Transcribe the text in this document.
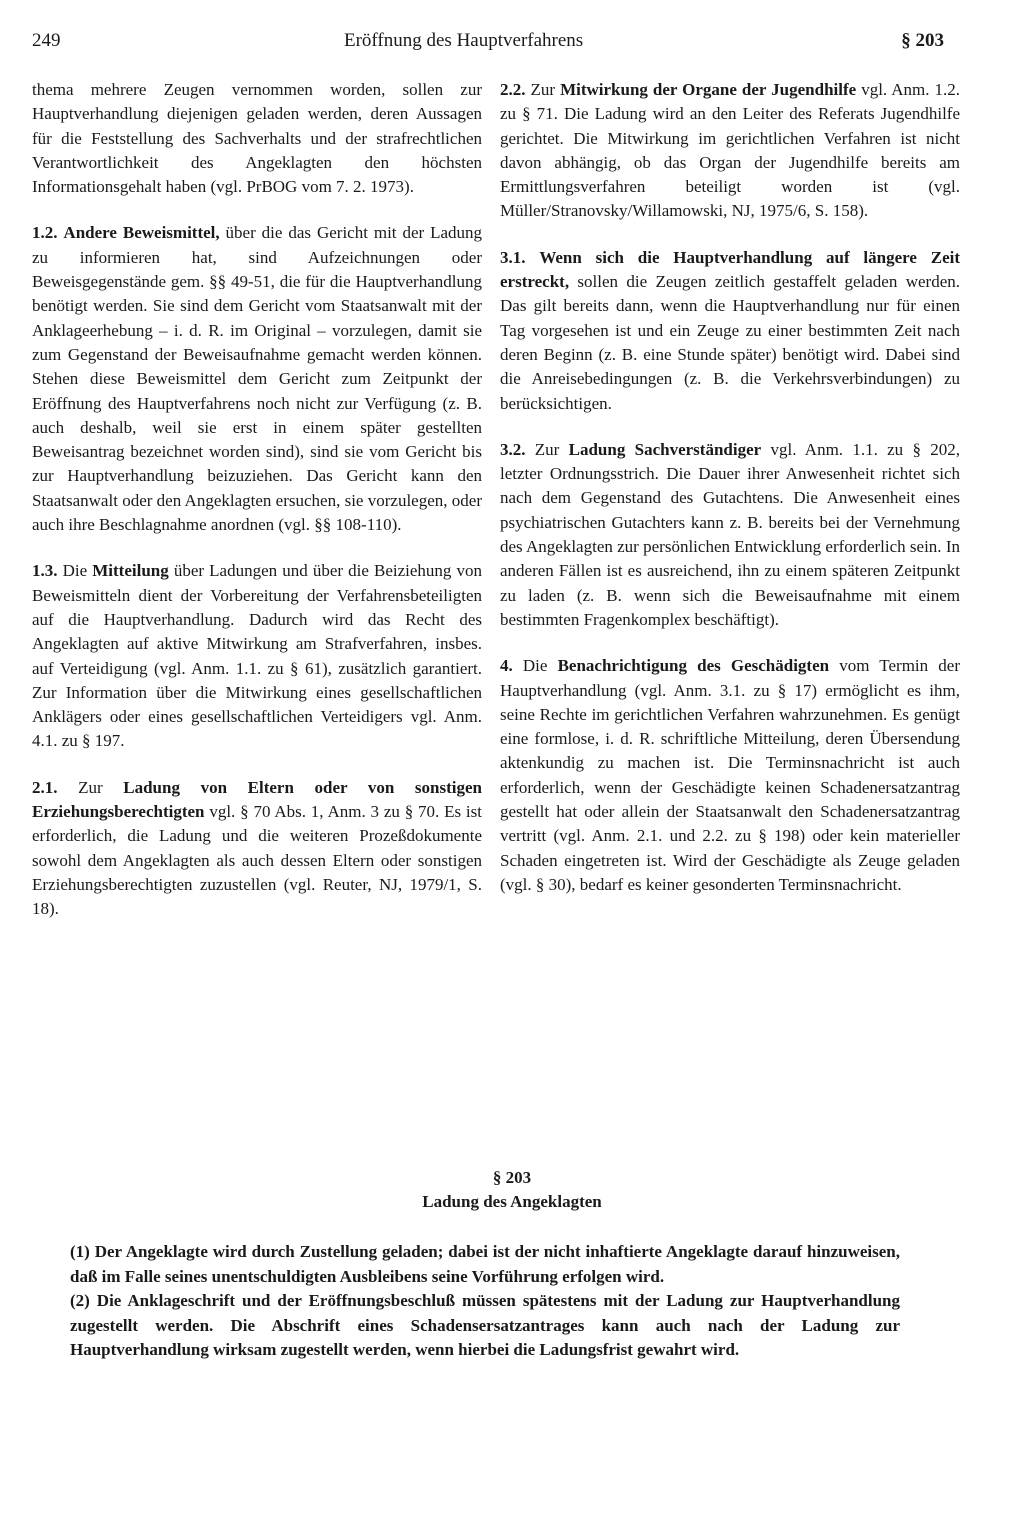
249	Eröffnung des Hauptverfahrens	§ 203

thema mehrere Zeugen vernommen worden, sollen zur Hauptverhandlung diejenigen geladen werden, deren Aussagen für die Feststellung des Sachverhalts und der strafrechtlichen Verantwortlichkeit des Angeklagten den höchsten Informationsgehalt haben (vgl. PrBOG vom 7. 2. 1973).

1.2. Andere Beweismittel, über die das Gericht mit der Ladung zu informieren hat, sind Aufzeichnungen oder Beweisgegenstände gem. §§ 49-51, die für die Hauptverhandlung benötigt werden. Sie sind dem Gericht vom Staatsanwalt mit der Anklageerhebung – i. d. R. im Original – vorzulegen, damit sie zum Gegenstand der Beweisaufnahme gemacht werden können. Stehen diese Beweismittel dem Gericht zum Zeitpunkt der Eröffnung des Hauptverfahrens noch nicht zur Verfügung (z. B. auch deshalb, weil sie erst in einem später gestellten Beweisantrag bezeichnet worden sind), sind sie vom Gericht bis zur Hauptverhandlung beizuziehen. Das Gericht kann den Staatsanwalt oder den Angeklagten ersuchen, sie vorzulegen, oder auch ihre Beschlagnahme anordnen (vgl. §§ 108-110).

1.3. Die Mitteilung über Ladungen und über die Beiziehung von Beweismitteln dient der Vorbereitung der Verfahrensbeteiligten auf die Hauptverhandlung. Dadurch wird das Recht des Angeklagten auf aktive Mitwirkung am Strafverfahren, insbes. auf Verteidigung (vgl. Anm. 1.1. zu § 61), zusätzlich garantiert. Zur Information über die Mitwirkung eines gesellschaftlichen Anklägers oder eines gesellschaftlichen Verteidigers vgl. Anm. 4.1. zu § 197.

2.1. Zur Ladung von Eltern oder von sonstigen Erziehungsberechtigten vgl. § 70 Abs. 1, Anm. 3 zu § 70. Es ist erforderlich, die Ladung und die weiteren Prozeßdokumente sowohl dem Angeklagten als auch dessen Eltern oder sonstigen Erziehungsberechtigten zuzustellen (vgl. Reuter, NJ, 1979/1, S. 18).

2.2. Zur Mitwirkung der Organe der Jugendhilfe vgl. Anm. 1.2. zu § 71. Die Ladung wird an den Leiter des Referats Jugendhilfe gerichtet. Die Mitwirkung im gerichtlichen Verfahren ist nicht davon abhängig, ob das Organ der Jugendhilfe bereits am Ermittlungsverfahren beteiligt worden ist (vgl. Müller/Stranovsky/Willamowski, NJ, 1975/6, S. 158).

3.1. Wenn sich die Hauptverhandlung auf längere Zeit erstreckt, sollen die Zeugen zeitlich gestaffelt geladen werden. Das gilt bereits dann, wenn die Hauptverhandlung nur für einen Tag vorgesehen ist und ein Zeuge zu einer bestimmten Zeit nach deren Beginn (z. B. eine Stunde später) benötigt wird. Dabei sind die Anreisebedingungen (z. B. die Verkehrsverbindungen) zu berücksichtigen.

3.2. Zur Ladung Sachverständiger vgl. Anm. 1.1. zu § 202, letzter Ordnungsstrich. Die Dauer ihrer Anwesenheit richtet sich nach dem Gegenstand des Gutachtens. Die Anwesenheit eines psychiatrischen Gutachters kann z. B. bereits bei der Vernehmung des Angeklagten zur persönlichen Entwicklung erforderlich sein. In anderen Fällen ist es ausreichend, ihn zu einem späteren Zeitpunkt zu laden (z. B. wenn sich die Beweisaufnahme mit einem bestimmten Fragenkomplex beschäftigt).

4. Die Benachrichtigung des Geschädigten vom Termin der Hauptverhandlung (vgl. Anm. 3.1. zu § 17) ermöglicht es ihm, seine Rechte im gerichtlichen Verfahren wahrzunehmen. Es genügt eine formlose, i. d. R. schriftliche Mitteilung, deren Übersendung aktenkundig zu machen ist. Die Terminsnachricht ist auch erforderlich, wenn der Geschädigte keinen Schadenersatzantrag gestellt hat oder allein der Staatsanwalt den Schadenersatzantrag vertritt (vgl. Anm. 2.1. und 2.2. zu § 198) oder kein materieller Schaden eingetreten ist. Wird der Geschädigte als Zeuge geladen (vgl. § 30), bedarf es keiner gesonderten Terminsnachricht.

§ 203
Ladung des Angeklagten

(1) Der Angeklagte wird durch Zustellung geladen; dabei ist der nicht inhaftierte Angeklagte darauf hinzuweisen, daß im Falle seines unentschuldigten Ausbleibens seine Vorführung erfolgen wird.

(2) Die Anklageschrift und der Eröffnungsbeschluß müssen spätestens mit der Ladung zur Hauptverhandlung zugestellt werden. Die Abschrift eines Schadensersatzantrages kann auch nach der Ladung zur Hauptverhandlung wirksam zugestellt werden, wenn hierbei die Ladungsfrist gewahrt wird.
